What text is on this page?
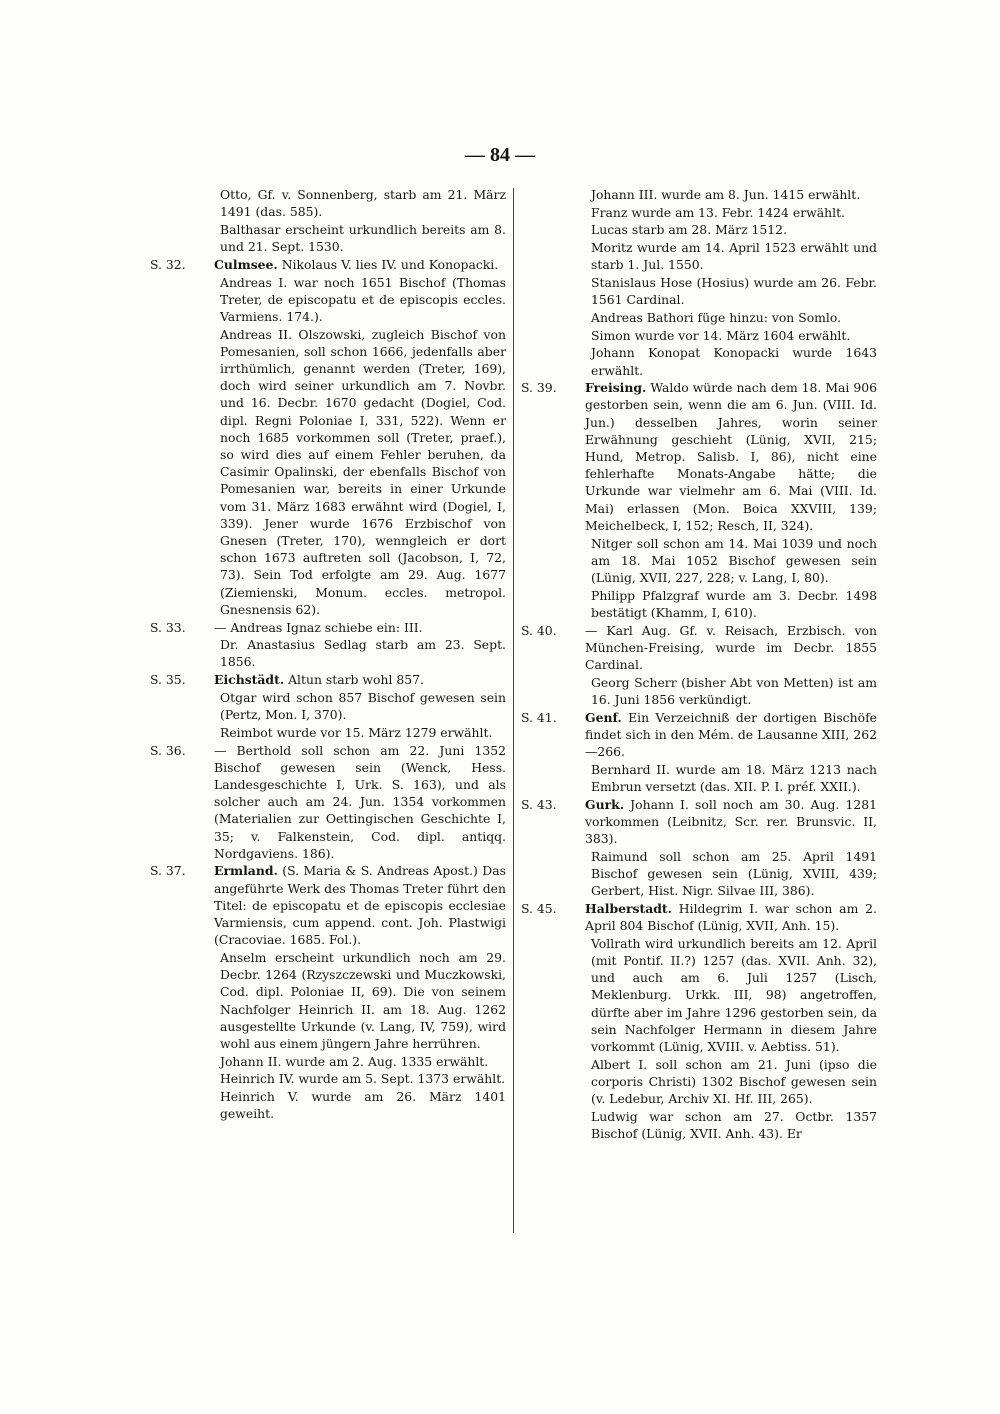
— 84 —

Otto, Gf. v. Sonnenberg, starb am 21. März 1491 (das. 585).

Balthasar erscheint urkundlich bereits am 8. und 21. Sept. 1530.

S. 32.	Culmsee. Nikolaus V. lies IV. und Konopacki.

Andreas I. war noch 1651 Bischof (Thomas Treter, de episcopatu et de episcopis eccles. Varmiens. 174.).

Andreas II. Olszowski, zugleich Bischof von Pomesanien, soll schon 1666, jedenfalls aber irrthümlich, genannt werden (Treter, 169), doch wird seiner urkundlich am 7. Novbr. und 16. Decbr. 1670 gedacht (Dogiel, Cod. dipl. Regni Poloniae I, 331, 522). Wenn er noch 1685 vorkommen soll (Treter, praef.), so wird dies auf einem Fehler beruhen, da Casimir Opalinski, der ebenfalls Bischof von Pomesanien war, bereits in einer Urkunde vom 31. März 1683 erwähnt wird (Dogiel, I, 339). Jener wurde 1676 Erzbischof von Gnesen (Treter, 170), wenngleich er dort schon 1673 auftreten soll (Jacobson, I, 72, 73). Sein Tod erfolgte am 29. Aug. 1677 (Ziemienski, Monum. eccles. metropol. Gnesnensis 62).

S. 33.	— Andreas Ignaz schiebe ein: III.

Dr. Anastasius Sedlag starb am 23. Sept. 1856.

S. 35.	Eichstädt. Altun starb wohl 857.

Otgar wird schon 857 Bischof gewesen sein (Pertz, Mon. I, 370).

Reimbot wurde vor 15. März 1279 erwählt.

S. 36.	— Berthold soll schon am 22. Juni 1352 Bischof gewesen sein (Wenck, Hess. Landesgeschichte I, Urk. S. 163), und als solcher auch am 24. Jun. 1354 vorkommen (Materialien zur Oettingischen Geschichte I, 35; v. Falkenstein, Cod. dipl. antiqq. Nordgaviens. 186).

S. 37.	Ermland. (S. Maria & S. Andreas Apost.) Das angeführte Werk des Thomas Treter führt den Titel: de episcopatu et de episcopis ecclesiae Varmiensis, cum append. cont. Joh. Plastwigi (Cracoviae. 1685. Fol.).

Anselm erscheint urkundlich noch am 29. Decbr. 1264 (Rzyszczewski und Muczkowski, Cod. dipl. Poloniae II, 69). Die von seinem Nachfolger Heinrich II. am 18. Aug. 1262 ausgestellte Urkunde (v. Lang, IV, 759), wird wohl aus einem jüngern Jahre herrühren.

Johann II. wurde am 2. Aug. 1335 erwählt.

Heinrich IV. wurde am 5. Sept. 1373 erwählt.

Heinrich V. wurde am 26. März 1401 geweiht.

Johann III. wurde am 8. Jun. 1415 erwählt.

Franz wurde am 13. Febr. 1424 erwählt.

Lucas starb am 28. März 1512.

Moritz wurde am 14. April 1523 erwählt und starb 1. Jul. 1550.

Stanislaus Hose (Hosius) wurde am 26. Febr. 1561 Cardinal.

Andreas Bathori füge hinzu: von Somlo.

Simon wurde vor 14. März 1604 erwählt.

Johann Konopat Konopacki wurde 1643 erwählt.

S. 39.	Freising. Waldo würde nach dem 18. Mai 906 gestorben sein, wenn die am 6. Jun. (VIII. Id. Jun.) desselben Jahres, worin seiner Erwähnung geschieht (Lünig, XVII, 215; Hund, Metrop. Salisb. I, 86), nicht eine fehlerhafte Monats-Angabe hätte; die Urkunde war vielmehr am 6. Mai (VIII. Id. Mai) erlassen (Mon. Boica XXVIII, 139; Meichelbeck, I, 152; Resch, II, 324).

Nitger soll schon am 14. Mai 1039 und noch am 18. Mai 1052 Bischof gewesen sein (Lünig, XVII, 227, 228; v. Lang, I, 80).

Philipp Pfalzgraf wurde am 3. Decbr. 1498 bestätigt (Khamm, I, 610).

S. 40.	— Karl Aug. Gf. v. Reisach, Erzbisch. von München-Freising, wurde im Decbr. 1855 Cardinal.

Georg Scherr (bisher Abt von Metten) ist am 16. Juni 1856 verkündigt.

S. 41.	Genf. Ein Verzeichniß der dortigen Bischöfe findet sich in den Mém. de Lausanne XIII, 262—266.

Bernhard II. wurde am 18. März 1213 nach Embrun versetzt (das. XII. P. I. préf. XXII.).

S. 43.	Gurk. Johann I. soll noch am 30. Aug. 1281 vorkommen (Leibnitz, Scr. rer. Brunsvic. II, 383).

Raimund soll schon am 25. April 1491 Bischof gewesen sein (Lünig, XVIII, 439; Gerbert, Hist. Nigr. Silvae III, 386).

S. 45.	Halberstadt. Hildegrim I. war schon am 2. April 804 Bischof (Lünig, XVII, Anh. 15).

Vollrath wird urkundlich bereits am 12. April (mit Pontif. II.?) 1257 (das. XVII. Anh. 32), und auch am 6. Juli 1257 (Lisch, Meklenburg. Urkk. III, 98) angetroffen, dürfte aber im Jahre 1296 gestorben sein, da sein Nachfolger Hermann in diesem Jahre vorkommt (Lünig, XVIII. v. Aebtiss. 51).

Albert I. soll schon am 21. Juni (ipso die corporis Christi) 1302 Bischof gewesen sein (v. Ledebur, Archiv XI. Hf. III, 265).

Ludwig war schon am 27. Octbr. 1357 Bischof (Lünig, XVII. Anh. 43). Er
